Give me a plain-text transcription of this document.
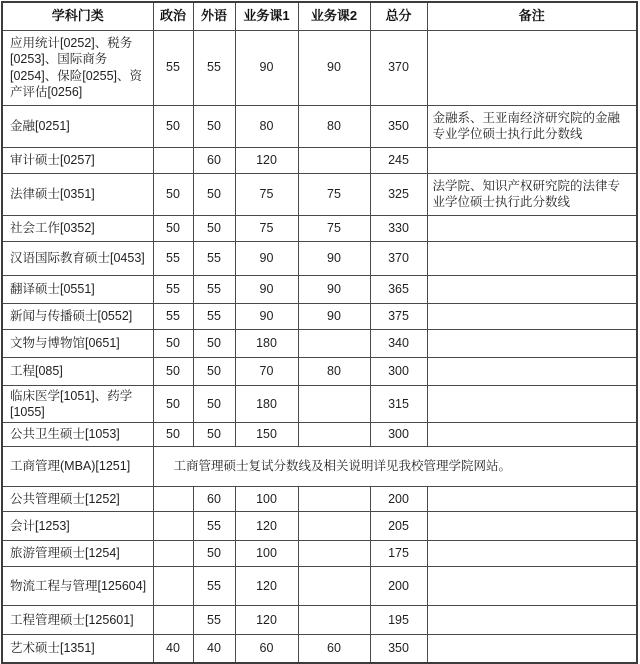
学科门类	政治	外语	业务课1	业务课2	总分	备注
应用统计[0252]、税务[0253]、国际商务[0254]、保险[0255]、资产评估[0256]	55	55	90	90	370	
金融[0251]	50	50	80	80	350	金融系、王亚南经济研究院的金融专业学位硕士执行此分数线
审计硕士[0257]		60	120		245	
法律硕士[0351]	50	50	75	75	325	法学院、知识产权研究院的法律专业学位硕士执行此分数线
社会工作[0352]	50	50	75	75	330	
汉语国际教育硕士[0453]	55	55	90	90	370	
翻译硕士[0551]	55	55	90	90	365	
新闻与传播硕士[0552]	55	55	90	90	375	
文物与博物馆[0651]	50	50	180		340	
工程[085]	50	50	70	80	300	
临床医学[1051]、药学[1055]	50	50	180		315	
公共卫生硕士[1053]	50	50	150		300	
工商管理(MBA)[1251]	工商管理硕士复试分数线及相关说明详见我校管理学院网站。					
公共管理硕士[1252]		60	100		200	
会计[1253]		55	120		205	
旅游管理硕士[1254]		50	100		175	
物流工程与管理[125604]		55	120		200	
工程管理硕士[125601]		55	120		195	
艺术硕士[1351]	40	40	60	60	350	
